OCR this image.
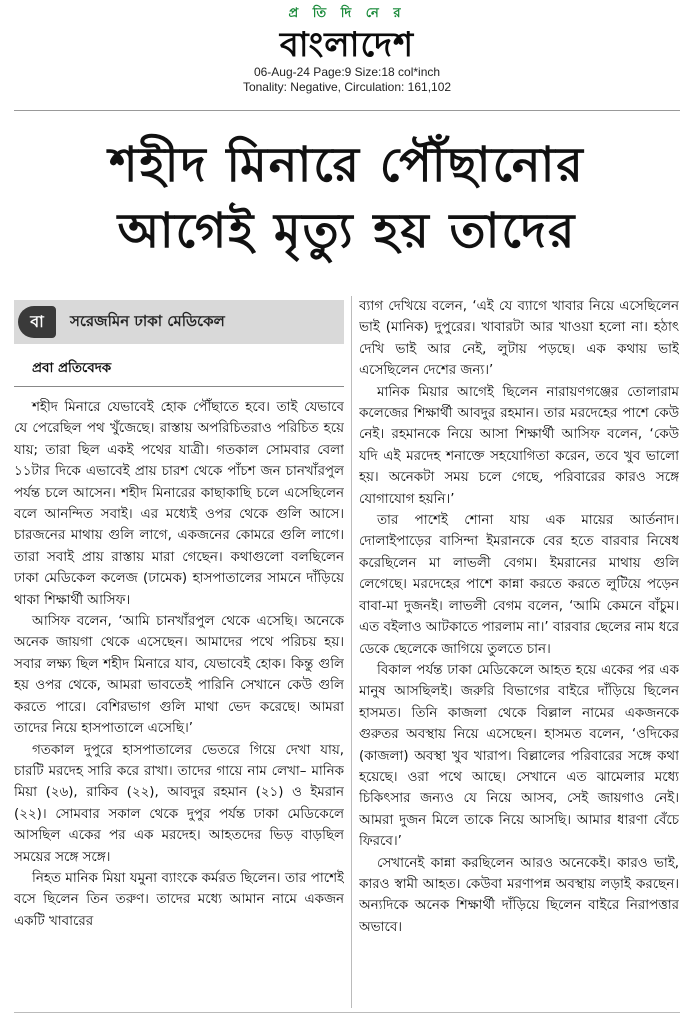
প্র তি দি নে র
বাংলাদেশ
06-Aug-24 Page:9 Size:18 col*inch
Tonality: Negative, Circulation: 161,102
শহীদ মিনারে পৌঁছানোর
আগেই মৃত্যু হয় তাদের
বা	সরেজমিন ঢাকা মেডিকেল

প্রবা প্রতিবেদক

শহীদ মিনারে যেভাবেই হোক পৌঁছাতে হবে। তাই যেভাবে যে পেরেছিল পথ খুঁজেছে। রাস্তায় অপরিচিতরাও পরিচিত হয়ে যায়; তারা ছিল একই পথের যাত্রী। গতকাল সোমবার বেলা ১১টার দিকে এভাবেই প্রায় চারশ থেকে পাঁচশ জন চানখাঁরপুল পর্যন্ত চলে আসেন। শহীদ মিনারের কাছাকাছি চলে এসেছিলেন বলে আনন্দিত সবাই। এর মধ্যেই ওপর থেকে গুলি আসে। চারজনের মাথায় গুলি লাগে, একজনের কোমরে গুলি লাগে। তারা সবাই প্রায় রাস্তায় মারা গেছেন। কথাগুলো বলছিলেন ঢাকা মেডিকেল কলেজ (ঢামেক) হাসপাতালের সামনে দাঁড়িয়ে থাকা শিক্ষার্থী আসিফ।

আসিফ বলেন, ‘আমি চানখাঁরপুল থেকে এসেছি। অনেকে অনেক জায়গা থেকে এসেছেন। আমাদের পথে পরিচয় হয়। সবার লক্ষ্য ছিল শহীদ মিনারে যাব, যেভাবেই হোক। কিন্তু গুলি হয় ওপর থেকে, আমরা ভাবতেই পারিনি সেখানে কেউ গুলি করতে পারে। বেশিরভাগ গুলি মাথা ভেদ করেছে। আমরা তাদের নিয়ে হাসপাতালে এসেছি।’

গতকাল দুপুরে হাসপাতালের ভেতরে গিয়ে দেখা যায়, চারটি মরদেহ সারি করে রাখা। তাদের গায়ে নাম লেখা– মানিক মিয়া (২৬), রাকিব (২২), আবদুর রহমান (২১) ও ইমরান (২২)। সোমবার সকাল থেকে দুপুর পর্যন্ত ঢাকা মেডিকেলে আসছিল একের পর এক মরদেহ। আহতদের ভিড় বাড়ছিল সময়ের সঙ্গে সঙ্গে।

নিহত মানিক মিয়া যমুনা ব্যাংকে কর্মরত ছিলেন। তার পাশেই বসে ছিলেন তিন তরুণ। তাদের মধ্যে আমান নামে একজন একটি খাবারের

ব্যাগ দেখিয়ে বলেন, ‘এই যে ব্যাগে খাবার নিয়ে এসেছিলেন ভাই (মানিক) দুপুরের। খাবারটা আর খাওয়া হলো না। হঠাৎ দেখি ভাই আর নেই, লুটায় পড়ছে। এক কথায় ভাই এসেছিলেন দেশের জন্য।’

মানিক মিয়ার আগেই ছিলেন নারায়ণগঞ্জের তোলারাম কলেজের শিক্ষার্থী আবদুর রহমান। তার মরদেহের পাশে কেউ নেই। রহমানকে নিয়ে আসা শিক্ষার্থী আসিফ বলেন, ‘কেউ যদি এই মরদেহ শনাক্তে সহযোগিতা করেন, তবে খুব ভালো হয়। অনেকটা সময় চলে গেছে, পরিবারের কারও সঙ্গে যোগাযোগ হয়নি।’

তার পাশেই শোনা যায় এক মায়ের আর্তনাদ। দোলাইপাড়ের বাসিন্দা ইমরানকে বের হতে বারবার নিষেধ করেছিলেন মা লাভলী বেগম। ইমরানের মাথায় গুলি লেগেছে। মরদেহের পাশে কান্না করতে করতে লুটিয়ে পড়েন বাবা-মা দুজনই। লাভলী বেগম বলেন, ‘আমি কেমনে বাঁচুম। এত বইলাও আটকাতে পারলাম না।’ বারবার ছেলের নাম ধরে ডেকে ছেলেকে জাগিয়ে তুলতে চান।

বিকাল পর্যন্ত ঢাকা মেডিকেলে আহত হয়ে একের পর এক মানুষ আসছিলই। জরুরি বিভাগের বাইরে দাঁড়িয়ে ছিলেন হাসমত। তিনি কাজলা থেকে বিল্লাল নামের একজনকে গুরুতর অবস্থায় নিয়ে এসেছেন। হাসমত বলেন, ‘ওদিকের (কাজলা) অবস্থা খুব খারাপ। বিল্লালের পরিবারের সঙ্গে কথা হয়েছে। ওরা পথে আছে। সেখানে এত ঝামেলার মধ্যে চিকিৎসার জন্যও যে নিয়ে আসব, সেই জায়গাও নেই। আমরা দুজন মিলে তাকে নিয়ে আসছি। আমার ধারণা বেঁচে ফিরবে।’

সেখানেই কান্না করছিলেন আরও অনেকেই। কারও ভাই, কারও স্বামী আহত। কেউবা মরণাপন্ন অবস্থায় লড়াই করছেন। অন্যদিকে অনেক শিক্ষার্থী দাঁড়িয়ে ছিলেন বাইরে নিরাপত্তার অভাবে।
